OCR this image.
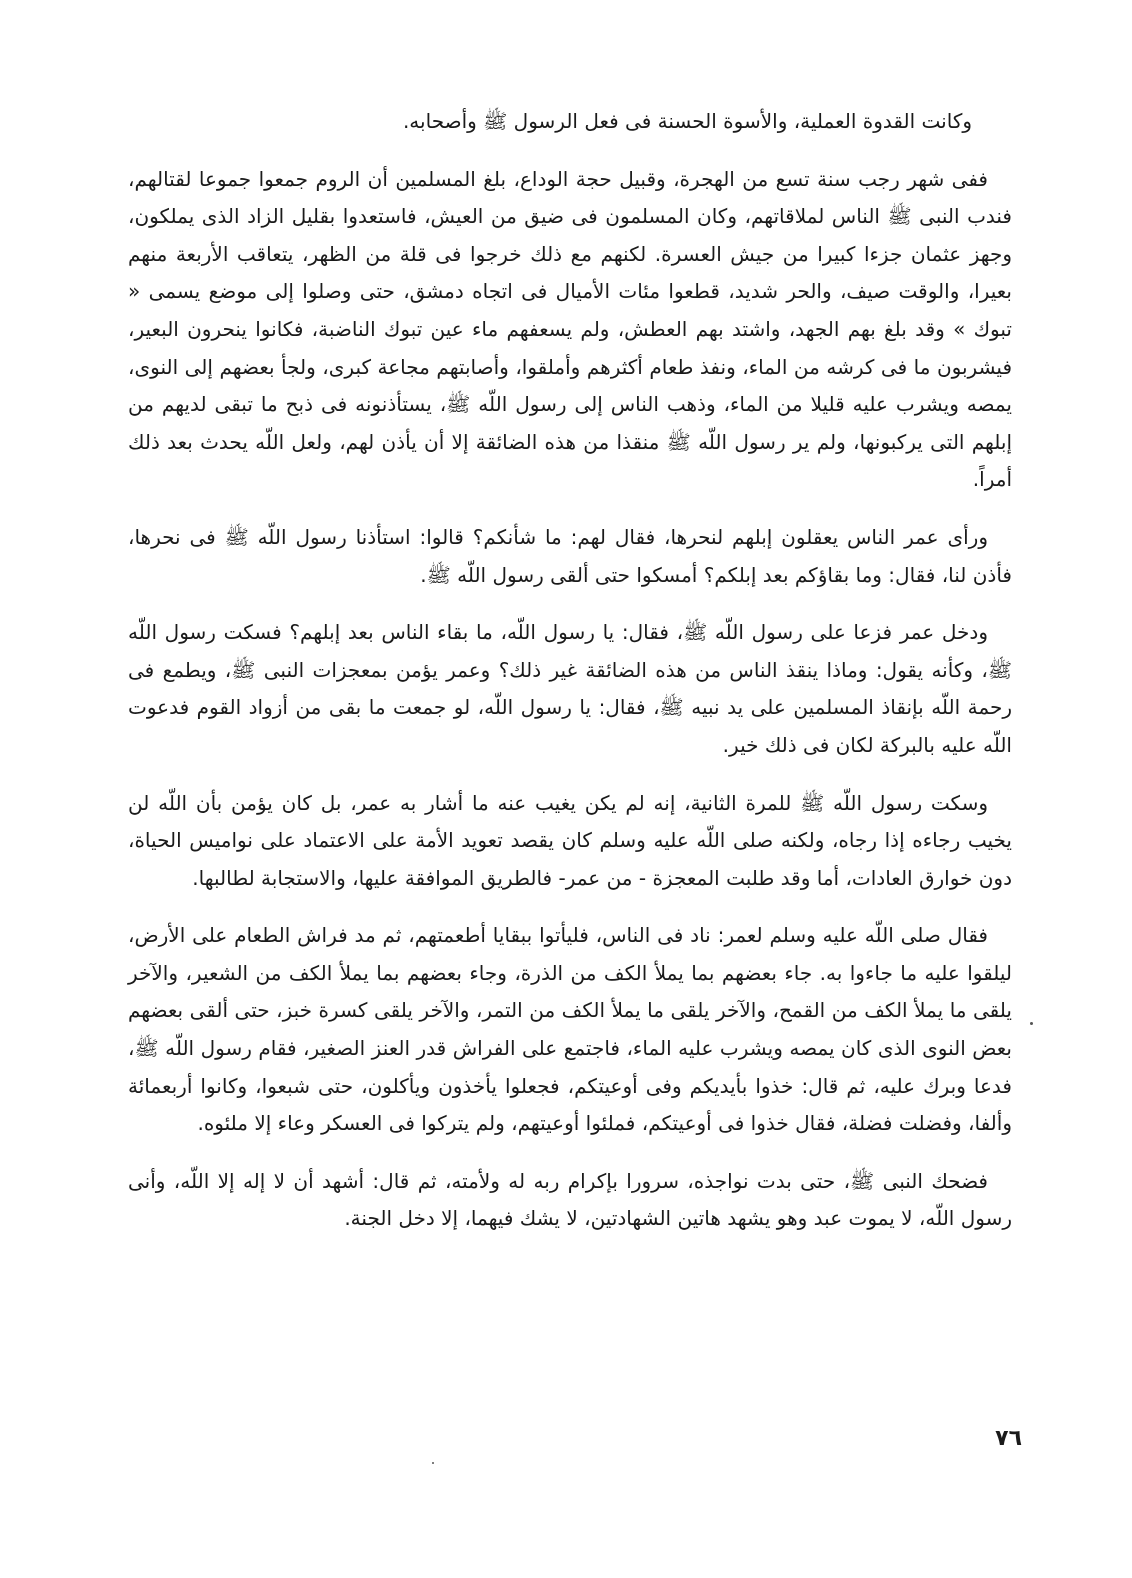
وكانت القدوة العملية، والأسوة الحسنة فى فعل الرسول ﷺ وأصحابه.

ففى شهر رجب سنة تسع من الهجرة، وقبيل حجة الوداع، بلغ المسلمين أن الروم جمعوا جموعا لقتالهم، فندب النبى ﷺ الناس لملاقاتهم، وكان المسلمون فى ضيق من العيش، فاستعدوا بقليل الزاد الذى يملكون، وجهز عثمان جزءا كبيرا من جيش العسرة. لكنهم مع ذلك خرجوا فى قلة من الظهر، يتعاقب الأربعة منهم بعيرا، والوقت صيف، والحر شديد، قطعوا مئات الأميال فى اتجاه دمشق، حتى وصلوا إلى موضع يسمى « تبوك » وقد بلغ بهم الجهد، واشتد بهم العطش، ولم يسعفهم ماء عين تبوك الناضبة، فكانوا ينحرون البعير، فيشربون ما فى كرشه من الماء، ونفذ طعام أكثرهم وأملقوا، وأصابتهم مجاعة كبرى، ولجأ بعضهم إلى النوى، يمصه ويشرب عليه قليلا من الماء، وذهب الناس إلى رسول اللّه ﷺ، يستأذنونه فى ذبح ما تبقى لديهم من إبلهم التى يركبونها، ولم ير رسول اللّه ﷺ منقذا من هذه الضائقة إلا أن يأذن لهم، ولعل اللّه يحدث بعد ذلك أمراً.

ورأى عمر الناس يعقلون إبلهم لنحرها، فقال لهم: ما شأنكم؟ قالوا: استأذنا رسول اللّه ﷺ فى نحرها، فأذن لنا، فقال: وما بقاؤكم بعد إبلكم؟ أمسكوا حتى ألقى رسول اللّه ﷺ.

ودخل عمر فزعا على رسول اللّه ﷺ، فقال: يا رسول اللّه، ما بقاء الناس بعد إبلهم؟ فسكت رسول اللّه ﷺ، وكأنه يقول: وماذا ينقذ الناس من هذه الضائقة غير ذلك؟ وعمر يؤمن بمعجزات النبى ﷺ، ويطمع فى رحمة اللّه بإنقاذ المسلمين على يد نبيه ﷺ، فقال: يا رسول اللّه، لو جمعت ما بقى من أزواد القوم فدعوت اللّه عليه بالبركة لكان فى ذلك خير.

وسكت رسول اللّه ﷺ للمرة الثانية، إنه لم يكن يغيب عنه ما أشار به عمر، بل كان يؤمن بأن اللّه لن يخيب رجاءه إذا رجاه، ولكنه صلى اللّه عليه وسلم كان يقصد تعويد الأمة على الاعتماد على نواميس الحياة، دون خوارق العادات، أما وقد طلبت المعجزة - من عمر- فالطريق الموافقة عليها، والاستجابة لطالبها.

فقال صلى اللّه عليه وسلم لعمر: ناد فى الناس، فليأتوا ببقايا أطعمتهم، ثم مد فراش الطعام على الأرض، ليلقوا عليه ما جاءوا به. جاء بعضهم بما يملأ الكف من الذرة، وجاء بعضهم بما يملأ الكف من الشعير، والآخر يلقى ما يملأ الكف من القمح، والآخر يلقى ما يملأ الكف من التمر، والآخر يلقى كسرة خبز، حتى ألقى بعضهم بعض النوى الذى كان يمصه ويشرب عليه الماء، فاجتمع على الفراش قدر العنز الصغير، فقام رسول اللّه ﷺ، فدعا وبرك عليه، ثم قال: خذوا بأيديكم وفى أوعيتكم، فجعلوا يأخذون ويأكلون، حتى شبعوا، وكانوا أربعمائة وألفا، وفضلت فضلة، فقال خذوا فى أوعيتكم، فملئوا أوعيتهم، ولم يتركوا فى العسكر وعاء إلا ملئوه.

فضحك النبى ﷺ، حتى بدت نواجذه، سرورا بإكرام ربه له ولأمته، ثم قال: أشهد أن لا إله إلا اللّه، وأنى رسول اللّه، لا يموت عبد وهو يشهد هاتين الشهادتين، لا يشك فيهما، إلا دخل الجنة.

٧٦
